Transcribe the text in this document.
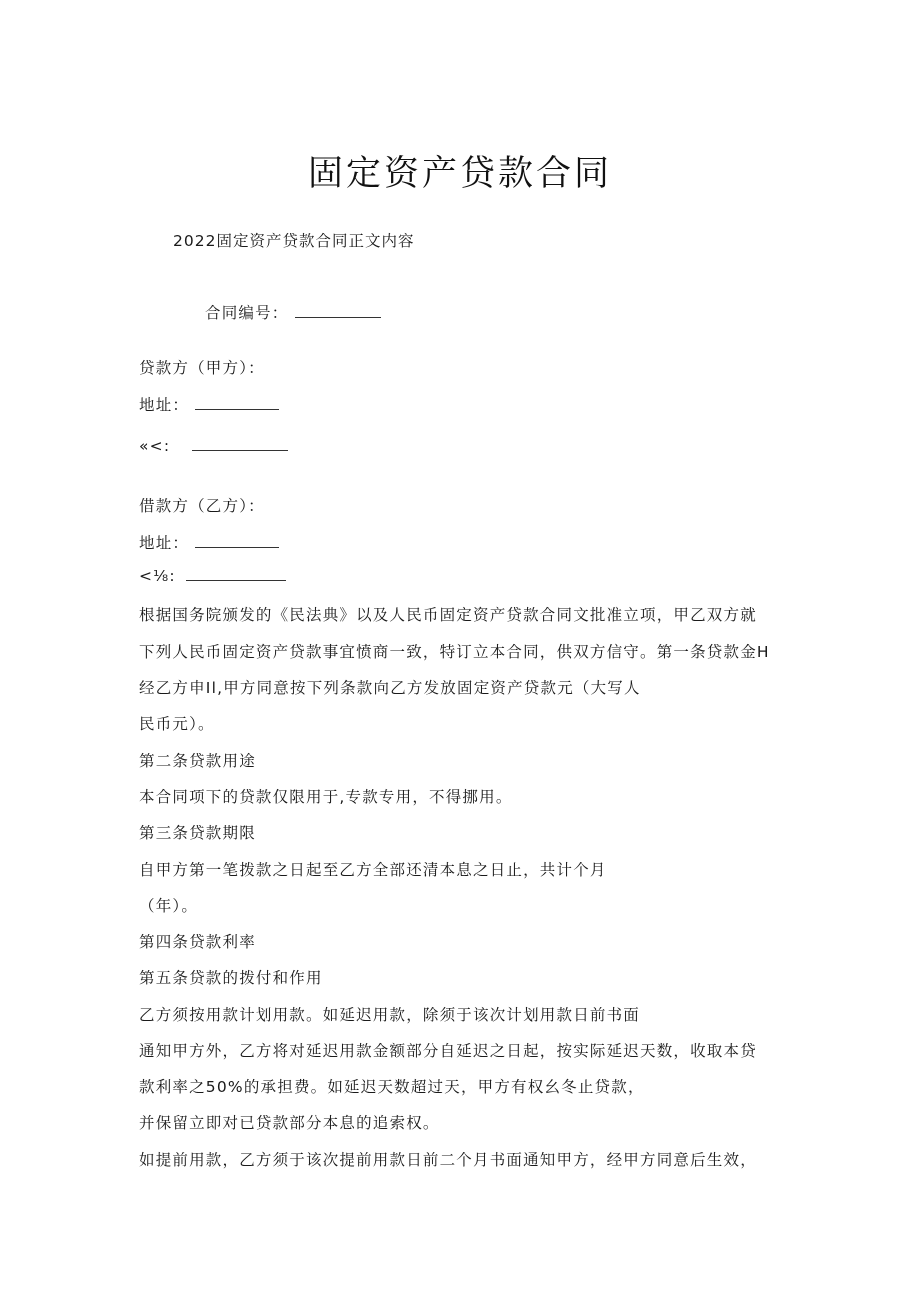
固定资产贷款合同
2022固定资产贷款合同正文内容
合同编号：
贷款方（甲方）：
地址：
«<:
借款方（乙方）：
地址：
<⅛:
根据国务院颁发的《民法典》以及人民币固定资产贷款合同文批准立项，甲乙双方就
下列人民币固定资产贷款事宜愤商一致，特订立本合同，供双方信守。第一条贷款金H
经乙方申Il,甲方同意按下列条款向乙方发放固定资产贷款元（大写人
民币元）。
第二条贷款用途
本合同项下的贷款仅限用于,专款专用，不得挪用。
第三条贷款期限
自甲方第一笔拨款之日起至乙方全部还清本息之日止，共计个月
（年）。
第四条贷款利率
第五条贷款的拨付和作用
乙方须按用款计划用款。如延迟用款，除须于该次计划用款日前书面
通知甲方外，乙方将对延迟用款金额部分自延迟之日起，按实际延迟天数，收取本贷
款利率之50%的承担费。如延迟天数超过天，甲方有权幺冬止贷款，
并保留立即对已贷款部分本息的追索权。
如提前用款，乙方须于该次提前用款日前二个月书面通知甲方，经甲方同意后生效，
